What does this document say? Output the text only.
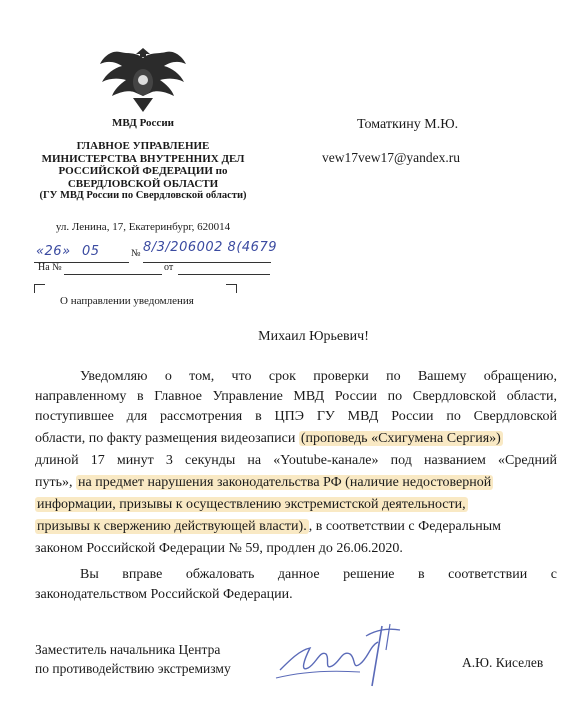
МВД России
ГЛАВНОЕ УПРАВЛЕНИЕ
МИНИСТЕРСТВА ВНУТРЕННИХ ДЕЛ
РОССИЙСКОЙ ФЕДЕРАЦИИ по
СВЕРДЛОВСКОЙ ОБЛАСТИ
(ГУ МВД России по Свердловской области)
ул. Ленина, 17, Екатеринбург, 620014
«26» 05	№ 8/3/206002 8(4679
На №	от
О направлении уведомления
Томаткину М.Ю.
vew17vew17@yandex.ru
Михаил Юрьевич!
Уведомляю о том, что срок проверки по Вашему обращению,
направленному в Главное Управление МВД России по Свердловской области,
поступившее для рассмотрения в ЦПЭ ГУ МВД России по Свердловской
области, по факту размещения видеозаписи (проповедь «Схигумена Сергия»)
длиной 17 минут 3 секунды на «Youtube-канале» под названием «Средний
путь», на предмет нарушения законодательства РФ (наличие недостоверной
информации, призывы к осуществлению экстремистской деятельности,
призывы к свержению действующей власти). , в соответствии с Федеральным
законом Российской Федерации № 59, продлен до 26.06.2020.
Вы вправе обжаловать данное решение в соответствии с
законодательством Российской Федерации.
Заместитель начальника Центра
по противодействию экстремизму	А.Ю. Киселев
